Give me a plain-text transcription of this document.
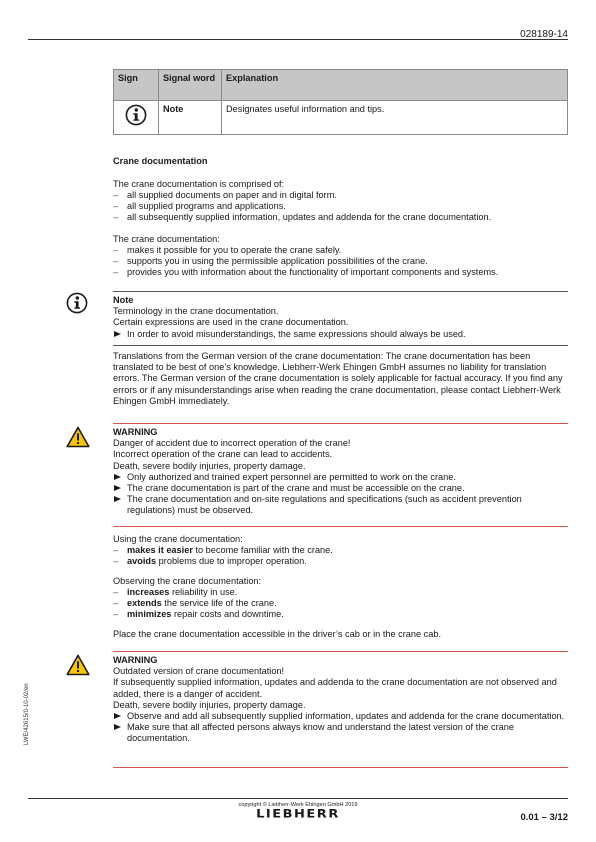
028189-14
Sign	Signal word	Explanation
	Note	Designates useful information and tips.
Crane documentation

The crane documentation is comprised of:

– all supplied documents on paper and in digital form.
– all supplied programs and applications.
– all subsequently supplied information, updates and addenda for the crane documentation.

The crane documentation:

– makes it possible for you to operate the crane safely.
– supports you in using the permissible application possibilities of the crane.
– provides you with information about the functionality of important components and systems.
Note
Terminology in the crane documentation.
Certain expressions are used in the crane documentation.
In order to avoid misunderstandings, the same expressions should always be used.

Translations from the German version of the crane documentation: The crane documentation has been translated to be best of one’s knowledge. Liebherr-Werk Ehingen GmbH assumes no liability for translation errors. The German version of the crane documentation is solely applicable for factual accuracy. If you find any errors or if any misunderstandings arise when reading the crane documentation, please contact Liebherr-Werk Ehingen GmbH immediately.

WARNING
Danger of accident due to incorrect operation of the crane!
Incorrect operation of the crane can lead to accidents.
Death, severe bodily injuries, property damage.
Only authorized and trained expert personnel are permitted to work on the crane.
The crane documentation is part of the crane and must be accessible on the crane.
The crane documentation and on-site regulations and specifications (such as accident prevention regulations) must be observed.

Using the crane documentation:

– makes it easier to become familiar with the crane.
– avoids problems due to improper operation.

Observing the crane documentation:

– increases reliability in use.
– extends the service life of the crane.
– minimizes repair costs and downtime.

Place the crane documentation accessible in the driver’s cab or in the crane cab.

WARNING
Outdated version of crane documentation!
If subsequently supplied information, updates and addenda to the crane documentation are not observed and added, there is a danger of accident.
Death, severe bodily injuries, property damage.
Observe and add all subsequently supplied information, updates and addenda for the crane documentation.
Make sure that all affected persons always know and understand the latest version of the crane documentation.
LWE/42615/0-10-02/en
copyright © Liebherr-Werk Ehingen GmbH 2019
LIEBHERR	0.01 – 3/12
